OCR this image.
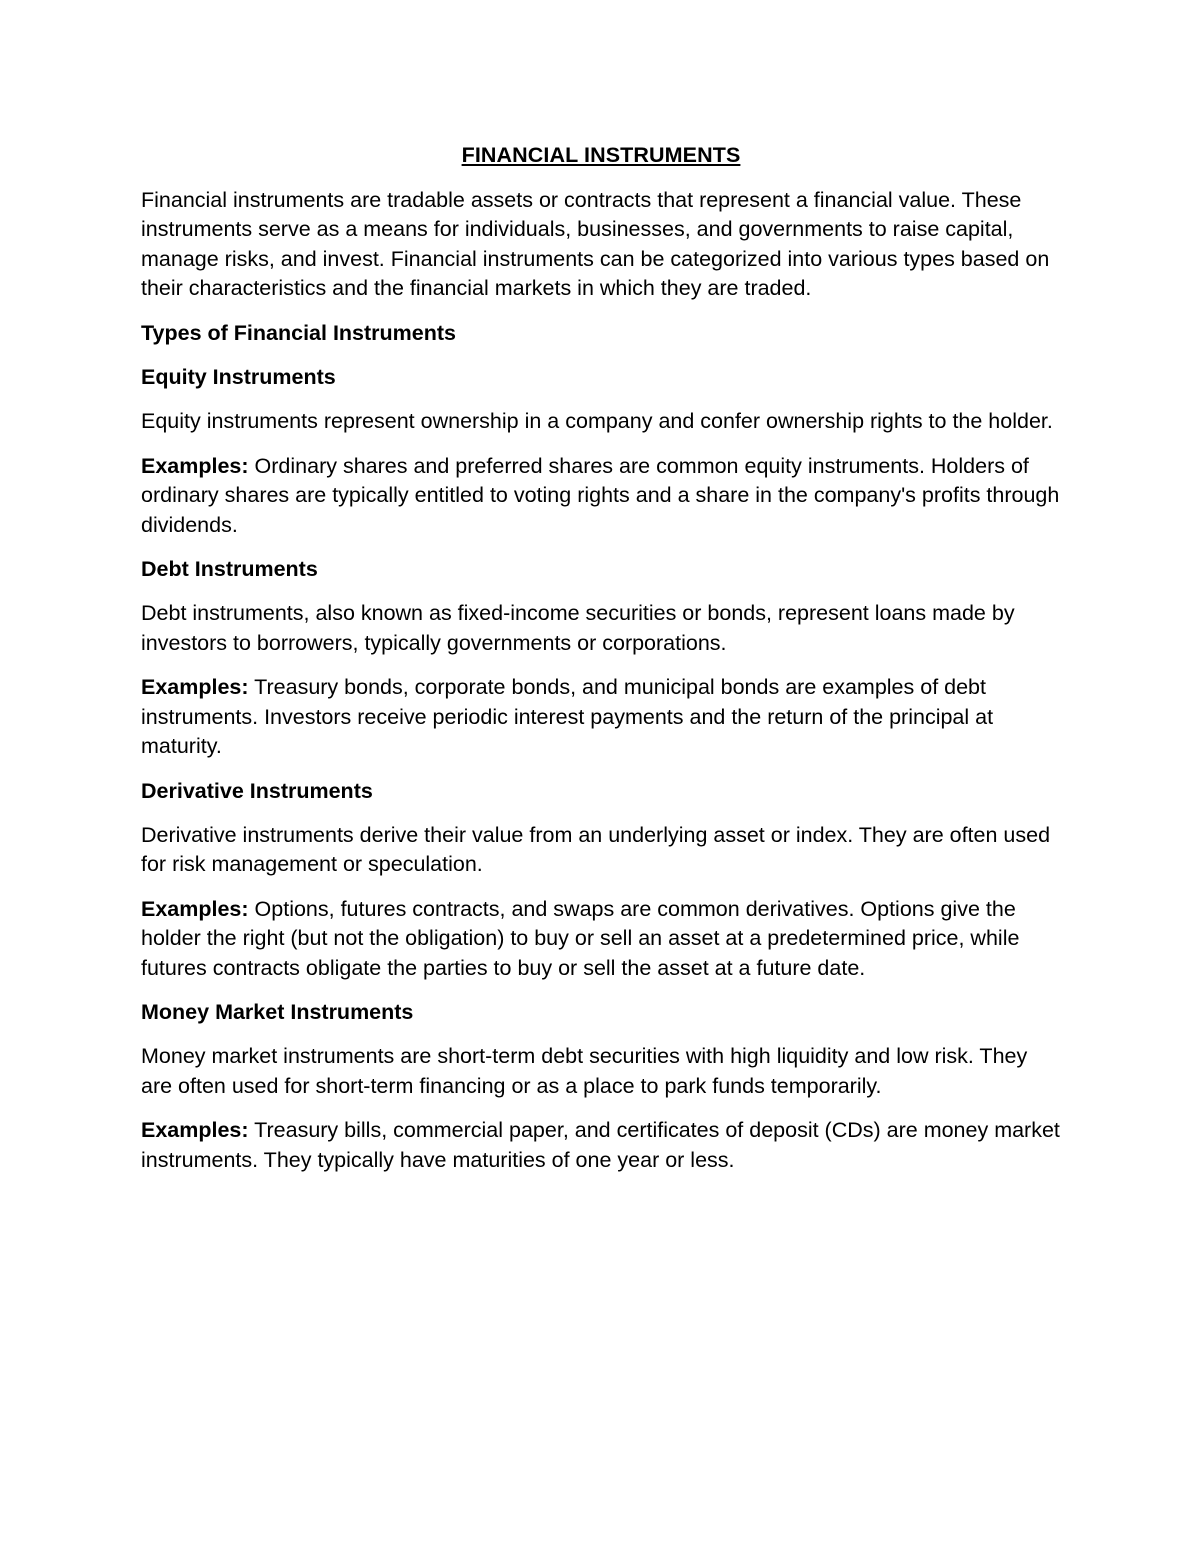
FINANCIAL INSTRUMENTS
Financial instruments are tradable assets or contracts that represent a financial value. These instruments serve as a means for individuals, businesses, and governments to raise capital, manage risks, and invest. Financial instruments can be categorized into various types based on their characteristics and the financial markets in which they are traded.
Types of Financial Instruments
Equity Instruments
Equity instruments represent ownership in a company and confer ownership rights to the holder.
Examples: Ordinary shares and preferred shares are common equity instruments. Holders of ordinary shares are typically entitled to voting rights and a share in the company's profits through dividends.
Debt Instruments
Debt instruments, also known as fixed-income securities or bonds, represent loans made by investors to borrowers, typically governments or corporations.
Examples: Treasury bonds, corporate bonds, and municipal bonds are examples of debt instruments. Investors receive periodic interest payments and the return of the principal at maturity.
Derivative Instruments
Derivative instruments derive their value from an underlying asset or index. They are often used for risk management or speculation.
Examples: Options, futures contracts, and swaps are common derivatives. Options give the holder the right (but not the obligation) to buy or sell an asset at a predetermined price, while futures contracts obligate the parties to buy or sell the asset at a future date.
Money Market Instruments
Money market instruments are short-term debt securities with high liquidity and low risk. They are often used for short-term financing or as a place to park funds temporarily.
Examples: Treasury bills, commercial paper, and certificates of deposit (CDs) are money market instruments. They typically have maturities of one year or less.
